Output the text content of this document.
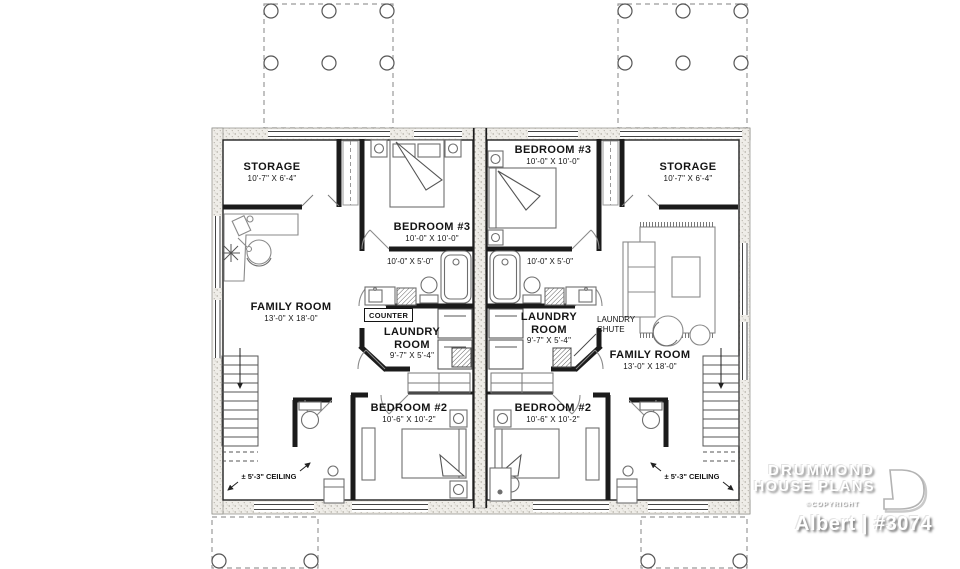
STORAGE
10'-7" X 6'-4"
BEDROOM #3
10'-0" X 10'-0"
10'-0" X 5'-0"
FAMILY ROOM
13'-0" X 18'-0"	COUNTER
LAUNDRY
ROOM
9'-7" X 5'-4"
BEDROOM #2
10'-6" X 10'-2"
± 5'-3" CEILING
BEDROOM #3
10'-0" X 10'-0"	STORAGE
10'-7" X 6'-4"
10'-0" X 5'-0"
LAUNDRY
ROOM
9'-7" X 5'-4"
LAUNDRY
CHUTE
FAMILY ROOM
13'-0" X 18'-0"
BEDROOM #2
10'-6" X 10'-2"
± 5'-3" CEILING	DRUMMOND
HOUSE PLANS
©COPYRIGHT
Albert | #3074
